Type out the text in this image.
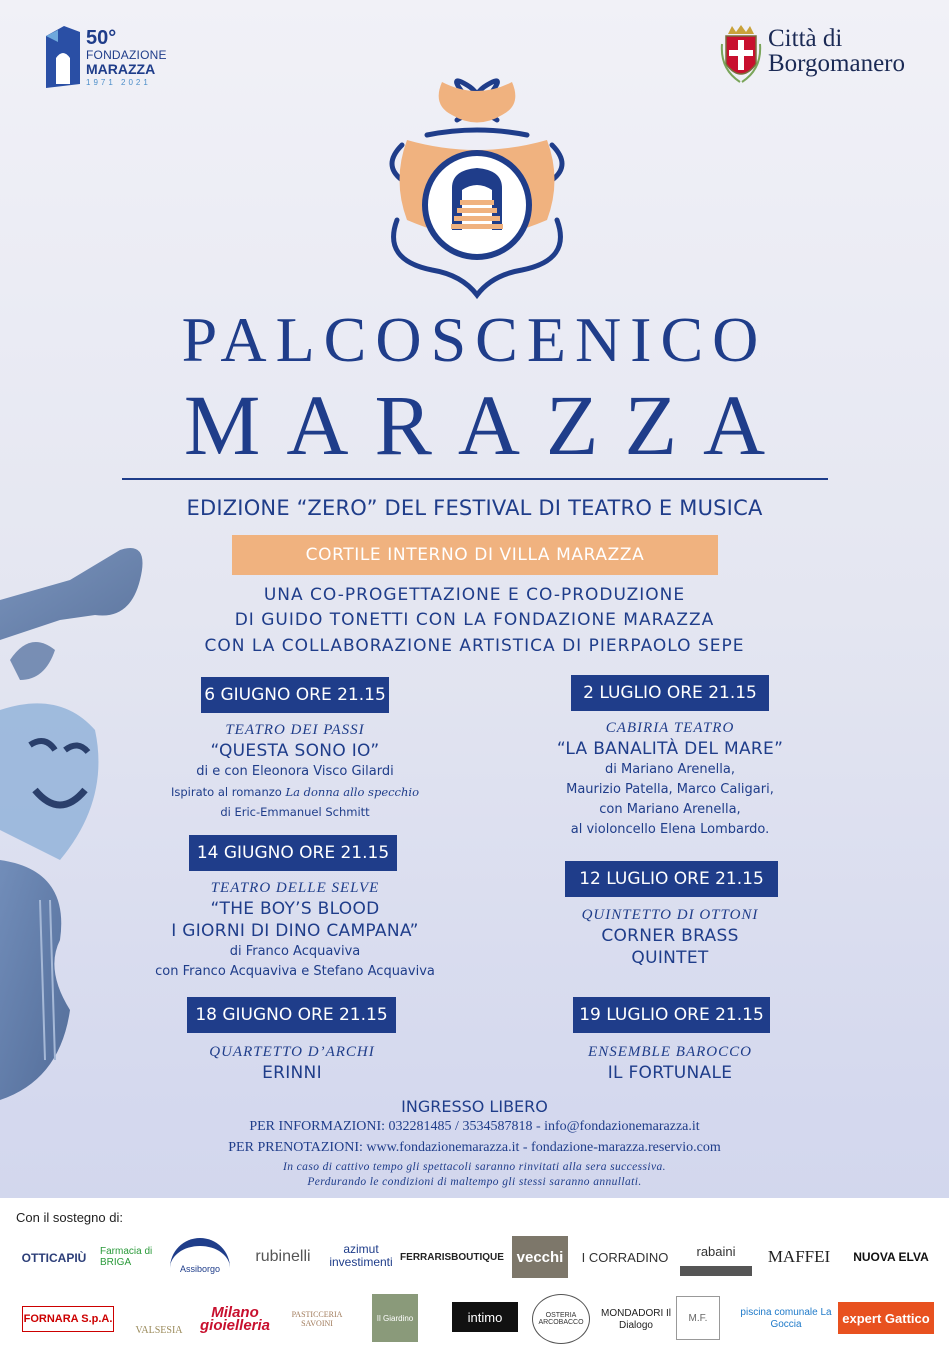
50°
FONDAZIONE
MARAZZA
1971 2021
Città di
Borgomanero
PALCOSCENICO
MARAZZA
EDIZIONE “ZERO” DEL FESTIVAL DI TEATRO E MUSICA
CORTILE INTERNO DI VILLA MARAZZA
UNA CO-PROGETTAZIONE E CO-PRODUZIONE
DI GUIDO TONETTI CON LA FONDAZIONE MARAZZA
CON LA COLLABORAZIONE ARTISTICA DI PIERPAOLO SEPE
6 GIUGNO ORE 21.15
TEATRO DEI PASSI
“QUESTA SONO IO”
di e con Eleonora Visco Gilardi
Ispirato al romanzo La donna allo specchio
di Eric-Emmanuel Schmitt
14 GIUGNO ORE 21.15
TEATRO DELLE SELVE
“THE BOY’S BLOOD
I GIORNI DI DINO CAMPANA”
di Franco Acquaviva
con Franco Acquaviva e Stefano Acquaviva
18 GIUGNO ORE 21.15
QUARTETTO D’ARCHI
ERINNI
2 LUGLIO ORE 21.15
CABIRIA TEATRO
“LA BANALITÀ DEL MARE”
di Mariano Arenella,
Maurizio Patella, Marco Caligari,
con Mariano Arenella,
al violoncello Elena Lombardo.
12 LUGLIO ORE 21.15
QUINTETTO DI OTTONI
CORNER BRASS
QUINTET
19 LUGLIO ORE 21.15
ENSEMBLE BAROCCO
IL FORTUNALE
INGRESSO LIBERO
PER INFORMAZIONI: 032281485 / 3534587818 - info@fondazionemarazza.it
PER PRENOTAZIONI: www.fondazionemarazza.it - fondazione-marazza.reservio.com
In caso di cattivo tempo gli spettacoli saranno rinvitati alla sera successiva.
Perdurando le condizioni di maltempo gli stessi saranno annullati.
Con il sostegno di:
OTTICAPIÙ	Farmacia di BRIGA
Assiborgo
rubinelli	azimut investimenti FERRARISBOUTIQUE vecchi	I CORRADINO	rabaini	MAFFEI	NUOVA ELVA
FORNARA S.p.A.
VALSESIA
Milano gioielleria
PASTICCERIA SAVOINI
Il Giardino	intimo	OSTERIA ARCOBACCO
MONDADORI Il Dialogo
M.F.	piscina comunale La Goccia	expert Gattico
